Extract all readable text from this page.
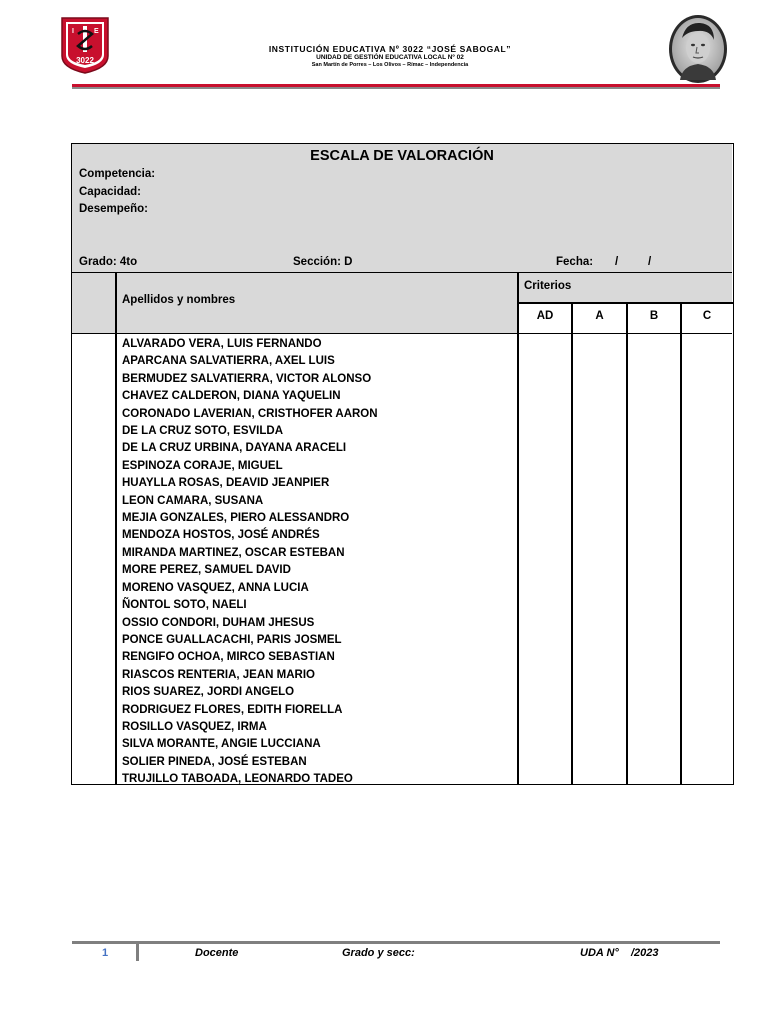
I	E
3022
INSTITUCIÓN EDUCATIVA Nº 3022 “JOSÉ SABOGAL”
UNIDAD DE GESTIÓN EDUCATIVA LOCAL Nº 02
San Martín de Porres – Los Olivos – Rímac – Independencia
ESCALA DE VALORACIÓN
Competencia:
Capacidad:
Desempeño:
Grado: 4to	Sección: D	Fecha: /	/
Apellidos y nombres
Criterios
AD	A	B	C
ALVARADO VERA, LUIS FERNANDO
APARCANA SALVATIERRA, AXEL LUIS
BERMUDEZ SALVATIERRA, VICTOR ALONSO
CHAVEZ CALDERON, DIANA YAQUELIN
CORONADO LAVERIAN, CRISTHOFER AARON
DE LA CRUZ SOTO, ESVILDA
DE LA CRUZ URBINA, DAYANA ARACELI
ESPINOZA CORAJE, MIGUEL
HUAYLLA ROSAS, DEAVID JEANPIER
LEON CAMARA, SUSANA
MEJIA GONZALES, PIERO ALESSANDRO
MENDOZA HOSTOS, JOSÉ ANDRÉS
MIRANDA MARTINEZ, OSCAR ESTEBAN
MORE PEREZ, SAMUEL DAVID
MORENO VASQUEZ, ANNA LUCIA
ÑONTOL SOTO, NAELI
OSSIO CONDORI, DUHAM JHESUS
PONCE GUALLACACHI, PARIS JOSMEL
RENGIFO OCHOA, MIRCO SEBASTIAN
RIASCOS RENTERIA, JEAN MARIO
RIOS SUAREZ, JORDI ANGELO
RODRIGUEZ FLORES, EDITH FIORELLA
ROSILLO VASQUEZ, IRMA
SILVA MORANTE, ANGIE LUCCIANA
SOLIER PINEDA, JOSÉ ESTEBAN
TRUJILLO TABOADA, LEONARDO TADEO
1	Docente	Grado y secc:	UDA N° /2023
